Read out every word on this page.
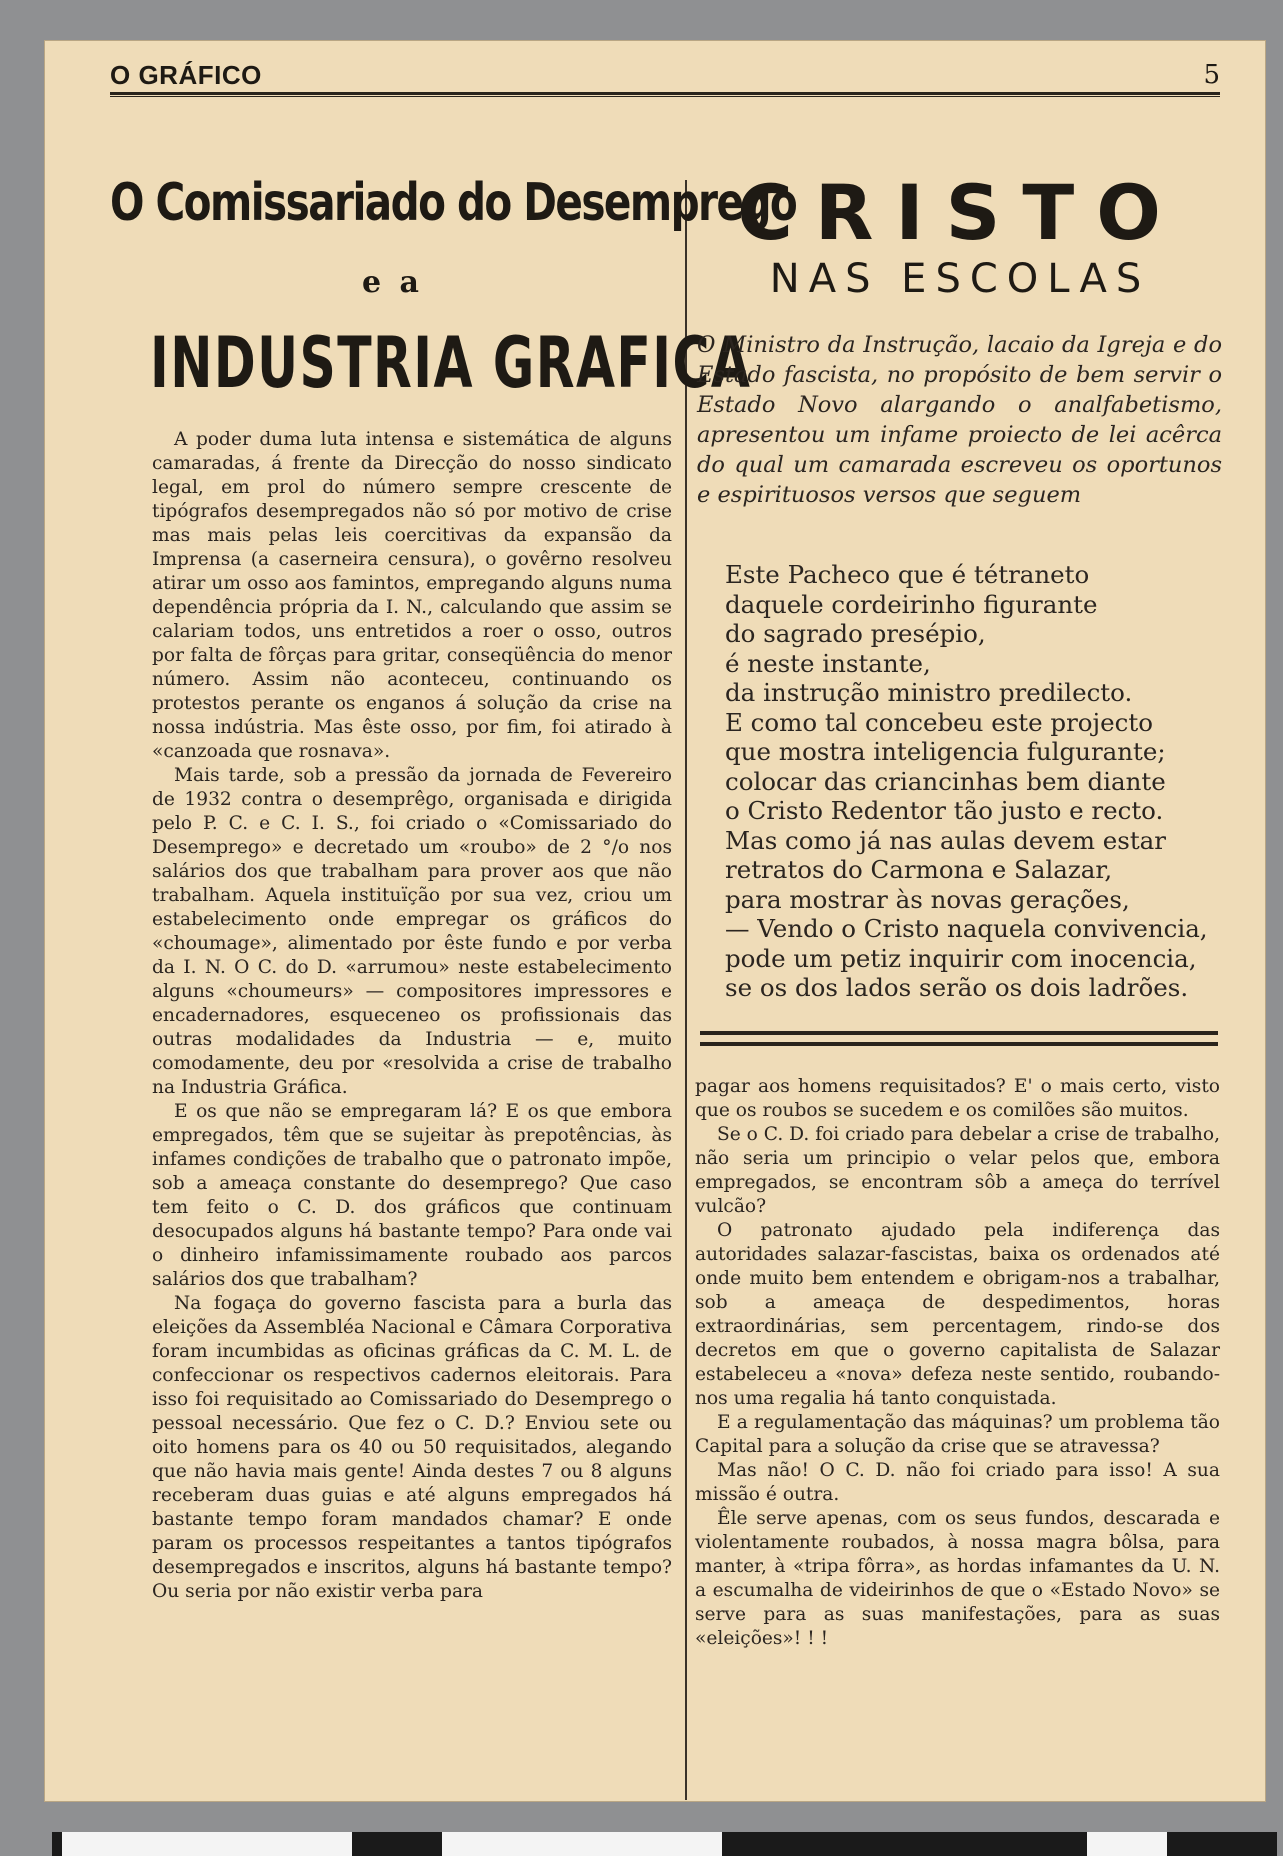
O GRÁFICO	5
O Comissariado do Desemprego
e a
INDUSTRIA GRAFICA

A poder duma luta intensa e sistemática de alguns camaradas, á frente da Direcção do nosso sindicato legal, em prol do número sempre crescente de tipógrafos desempregados não só por motivo de crise mas mais pelas leis coercitivas da expansão da Imprensa (a caserneira censura), o govêrno resolveu atirar um osso aos famintos, empregando alguns numa dependência própria da I. N., calculando que assim se calariam todos, uns entretidos a roer o osso, outros por falta de fôrças para gritar, conseqüência do menor número. Assim não aconteceu, continuando os protestos perante os enganos á solução da crise na nossa indústria. Mas êste osso, por fim, foi atirado à «canzoada que rosnava».

Mais tarde, sob a pressão da jornada de Fevereiro de 1932 contra o desemprêgo, organisada e dirigida pelo P. C. e C. I. S., foi criado o «Comissariado do Desemprego» e decretado um «roubo» de 2 °/o nos salários dos que trabalham para prover aos que não trabalham. Aquela instituïção por sua vez, criou um estabelecimento onde empregar os gráficos do «choumage», alimentado por êste fundo e por verba da I. N. O C. do D. «arrumou» neste estabelecimento alguns «choumeurs» — compositores impressores e encadernadores, esqueceneo os profissionais das outras modalidades da Industria — e, muito comodamente, deu por «resolvida a crise de trabalho na Industria Gráfica.

E os que não se empregaram lá? E os que embora empregados, têm que se sujeitar às prepotências, às infames condições de trabalho que o patronato impõe, sob a ameaça constante do desemprego? Que caso tem feito o C. D. dos gráficos que continuam desocupados alguns há bastante tempo? Para onde vai o dinheiro infamissimamente roubado aos parcos salários dos que trabalham?

Na fogaça do governo fascista para a burla das eleições da Assembléa Nacional e Câmara Corporativa foram incumbidas as oficinas gráficas da C. M. L. de confeccionar os respectivos cadernos eleitorais. Para isso foi requisitado ao Comissariado do Desemprego o pessoal necessário. Que fez o C. D.? Enviou sete ou oito homens para os 40 ou 50 requisitados, alegando que não havia mais gente! Ainda destes 7 ou 8 alguns receberam duas guias e até alguns empregados há bastante tempo foram mandados chamar? E onde param os processos respeitantes a tantos tipógrafos desempregados e inscritos, alguns há bastante tempo? Ou seria por não existir verba para

CRISTO
NAS ESCOLAS
O Ministro da Instrução, lacaio da Igreja e do Estado fascista, no propósito de bem servir o Estado Novo alargando o analfabetismo, apresentou um infame proiecto de lei acêrca do qual um camarada escreveu os oportunos e espirituosos versos que seguem
Este Pacheco que é tétraneto
daquele cordeirinho figurante
do sagrado presépio,
é neste instante,
da instrução ministro predilecto.
E como tal concebeu este projecto
que mostra inteligencia fulgurante;
colocar das criancinhas bem diante
o Cristo Redentor tão justo e recto.
Mas como já nas aulas devem estar
retratos do Carmona e Salazar,
para mostrar às novas gerações,
— Vendo o Cristo naquela convivencia,
pode um petiz inquirir com inocencia,
se os dos lados serão os dois ladrões.

pagar aos homens requisitados? E' o mais certo, visto que os roubos se sucedem e os comilões são muitos.

Se o C. D. foi criado para debelar a crise de trabalho, não seria um principio o velar pelos que, embora empregados, se encontram sôb a ameça do terrível vulcão?

O patronato ajudado pela indiferença das autoridades salazar-fascistas, baixa os ordenados até onde muito bem entendem e obrigam-nos a trabalhar, sob a ameaça de despedimentos, horas extraordinárias, sem percentagem, rindo-se dos decretos em que o governo capitalista de Salazar estabeleceu a «nova» defeza neste sentido, roubando-nos uma regalia há tanto conquistada.

E a regulamentação das máquinas? um problema tão Capital para a solução da crise que se atravessa?

Mas não! O C. D. não foi criado para isso! A sua missão é outra.

Êle serve apenas, com os seus fundos, descarada e violentamente roubados, à nossa magra bôlsa, para manter, à «tripa fôrra», as hordas infamantes da U. N. a escumalha de videirinhos de que o «Estado Novo» se serve para as suas manifestações, para as suas «eleições»! ! !
